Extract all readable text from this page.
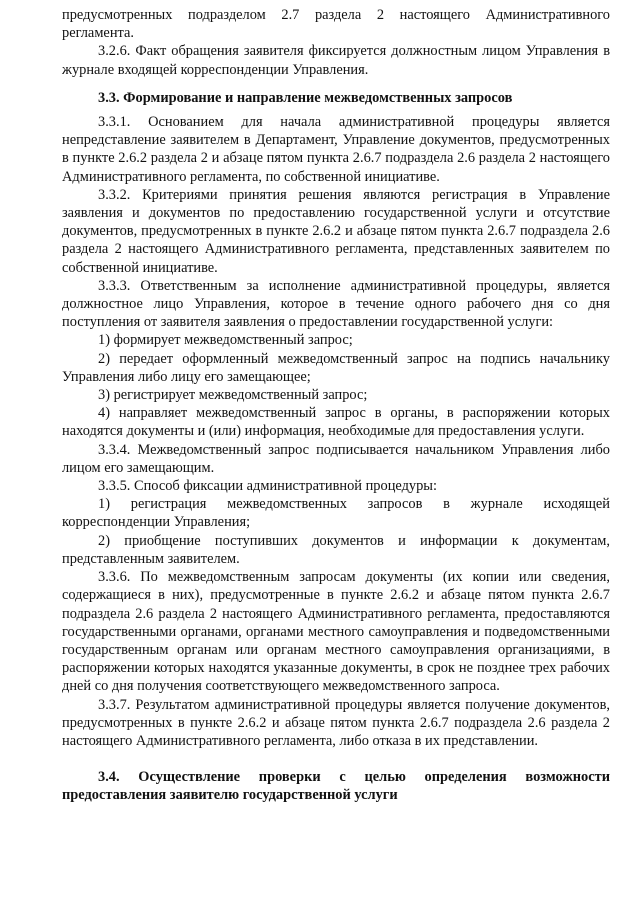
предусмотренных подразделом 2.7 раздела 2 настоящего Административного регламента.

3.2.6. Факт обращения заявителя фиксируется должностным лицом Управления в журнале входящей корреспонденции Управления.

3.3. Формирование и направление межведомственных запросов

3.3.1. Основанием для начала административной процедуры является непредставление заявителем в Департамент, Управление документов, предусмотренных в пункте 2.6.2 раздела 2 и абзаце пятом пункта 2.6.7 подраздела 2.6 раздела 2 настоящего Административного регламента, по собственной инициативе.

3.3.2. Критериями принятия решения являются регистрация в Управление заявления и документов по предоставлению государственной услуги и отсутствие документов, предусмотренных в пункте 2.6.2 и абзаце пятом пункта 2.6.7 подраздела 2.6 раздела 2 настоящего Административного регламента, представленных заявителем по собственной инициативе.

3.3.3. Ответственным за исполнение административной процедуры, является должностное лицо Управления, которое в течение одного рабочего дня со дня поступления от заявителя заявления о предоставлении государственной услуги:

1) формирует межведомственный запрос;

2) передает оформленный межведомственный запрос на подпись начальнику Управления либо лицу его замещающее;

3) регистрирует межведомственный запрос;

4) направляет межведомственный запрос в органы, в распоряжении которых находятся документы и (или) информация, необходимые для предоставления услуги.

3.3.4. Межведомственный запрос подписывается начальником Управления либо лицом его замещающим.

3.3.5. Способ фиксации административной процедуры:

1) регистрация межведомственных запросов в журнале исходящей корреспонденции Управления;

2) приобщение поступивших документов и информации к документам, представленным заявителем.

3.3.6. По межведомственным запросам документы (их копии или сведения, содержащиеся в них), предусмотренные в пункте 2.6.2 и абзаце пятом пункта 2.6.7 подраздела 2.6 раздела 2 настоящего Административного регламента, предоставляются государственными органами, органами местного самоуправления и подведомственными государственным органам или органам местного самоуправления организациями, в распоряжении которых находятся указанные документы, в срок не позднее трех рабочих дней со дня получения соответствующего межведомственного запроса.

3.3.7. Результатом административной процедуры является получение документов, предусмотренных в пункте 2.6.2 и абзаце пятом пункта 2.6.7 подраздела 2.6 раздела 2 настоящего Административного регламента, либо отказа в их представлении.

3.4. Осуществление проверки с целью определения возможности предоставления заявителю государственной услуги
